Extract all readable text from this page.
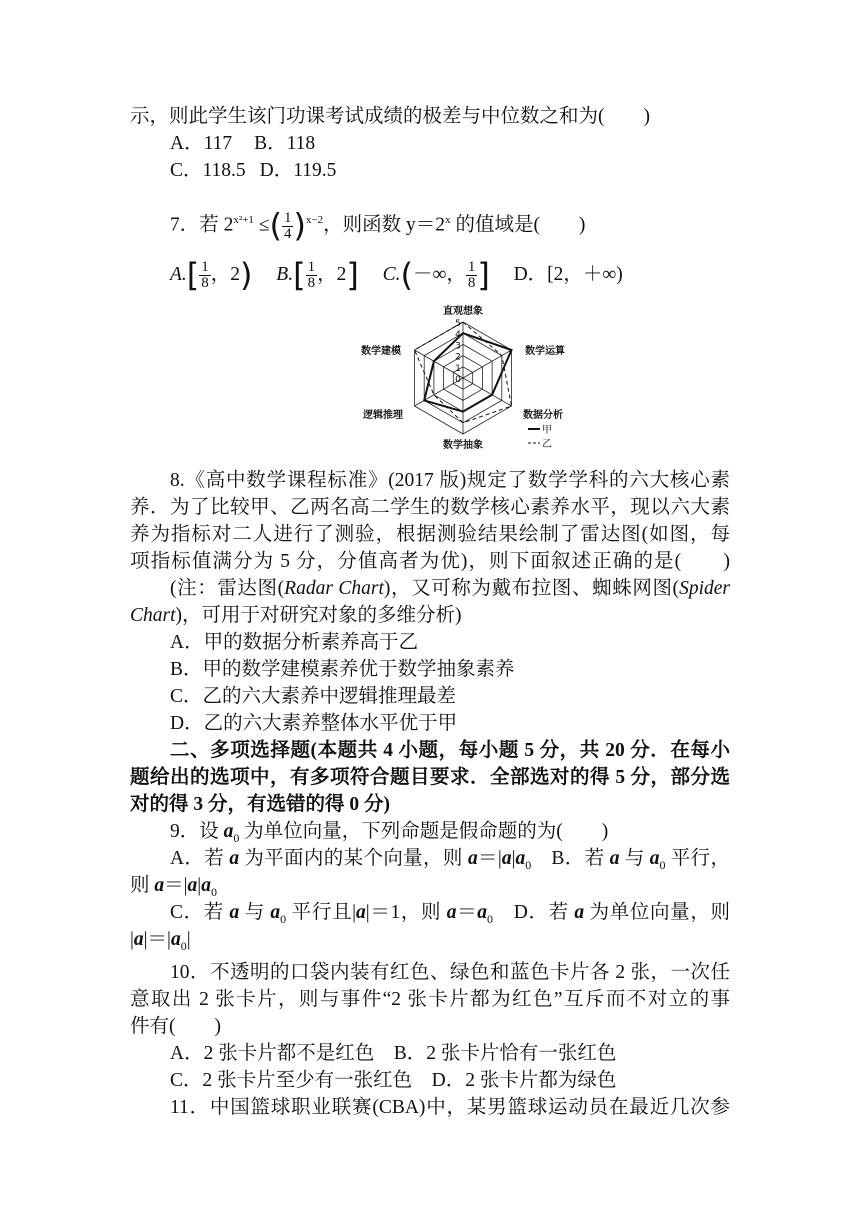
示，则此学生该门功课考试成绩的极差与中位数之和为(　　)
A．117 B．118
C．118.5 D．119.5
7．若 $2^{x^2+1}$ ≤( $\frac{1}{4} )^{x-2}$，则函数 $y=2^x$ 的值域是(　　)
$A.[ \frac{1}{8}$ ，2) $B.[ \frac{1}{8}$ ，2] C.(－∞， $\frac{1}{8}$ ] D．[2，＋∞)
5
4
3
2
1
0
直观想象
数学运算
数据分析
数学抽象
逻辑推理
数学建模
甲
乙
8.《高中数学课程标准》(2017 版)规定了数学学科的六大核心素
养．为了比较甲、乙两名高二学生的数学核心素养水平，现以六大素
养为指标对二人进行了测验，根据测验结果绘制了雷达图(如图，每
项指标值满分为 5 分，分值高者为优)，则下面叙述正确的是(　　)
(注：雷达图(Radar Chart)，又可称为戴布拉图、蜘蛛网图(Spider
Chart)，可用于对研究对象的多维分析)
A．甲的数据分析素养高于乙
B．甲的数学建模素养优于数学抽象素养
C．乙的六大素养中逻辑推理最差
D．乙的六大素养整体水平优于甲
二、多项选择题(本题共 4 小题，每小题 5 分，共 20 分．在每小
题给出的选项中，有多项符合题目要求．全部选对的得 5 分，部分选
对的得 3 分，有选错的得 0 分)
9．设 $a_0$ 为单位向量，下列命题是假命题的为(　　)
A．若 a 为平面内的某个向量，则 $a=|a|a_0$　B．若 a 与 $a_0$ 平行，
则 $a=|a|a_0$
C．若 a 与 $a_0$ 平行且|a|＝1，则 $a=a_0$　D．若 a 为单位向量，则
$|a|=|a_0|$
10．不透明的口袋内装有红色、绿色和蓝色卡片各 2 张，一次任
意取出 2 张卡片，则与事件“2 张卡片都为红色”互斥而不对立的事
件有(　　)
A．2 张卡片都不是红色　B．2 张卡片恰有一张红色
C．2 张卡片至少有一张红色　D．2 张卡片都为绿色
11．中国篮球职业联赛(CBA)中，某男篮球运动员在最近几次参
